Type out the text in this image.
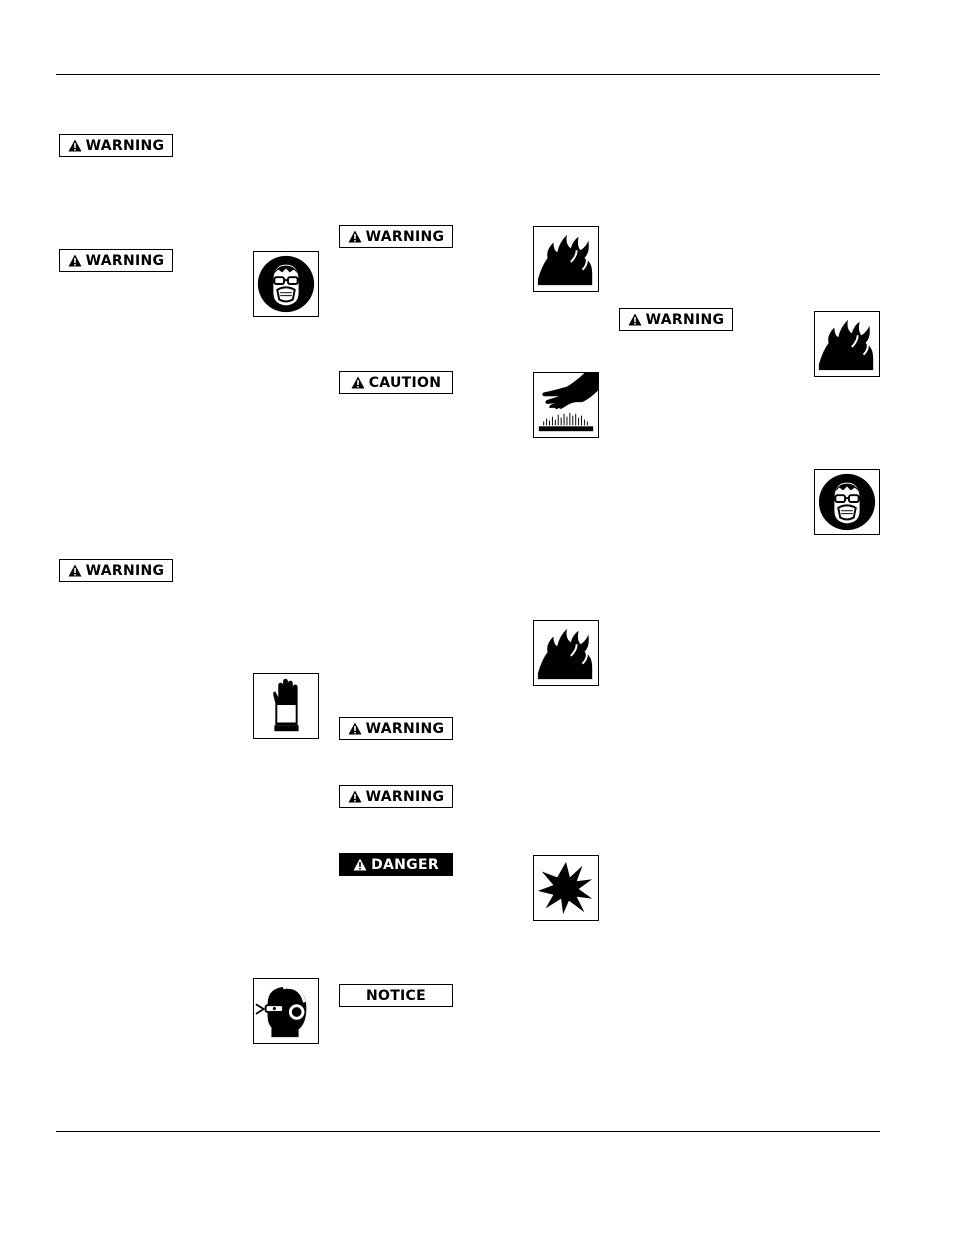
WARNING
WARNING
WARNING
WARNING
CAUTION
WARNING
WARNING
DANGER
NOTICE
WARNING
